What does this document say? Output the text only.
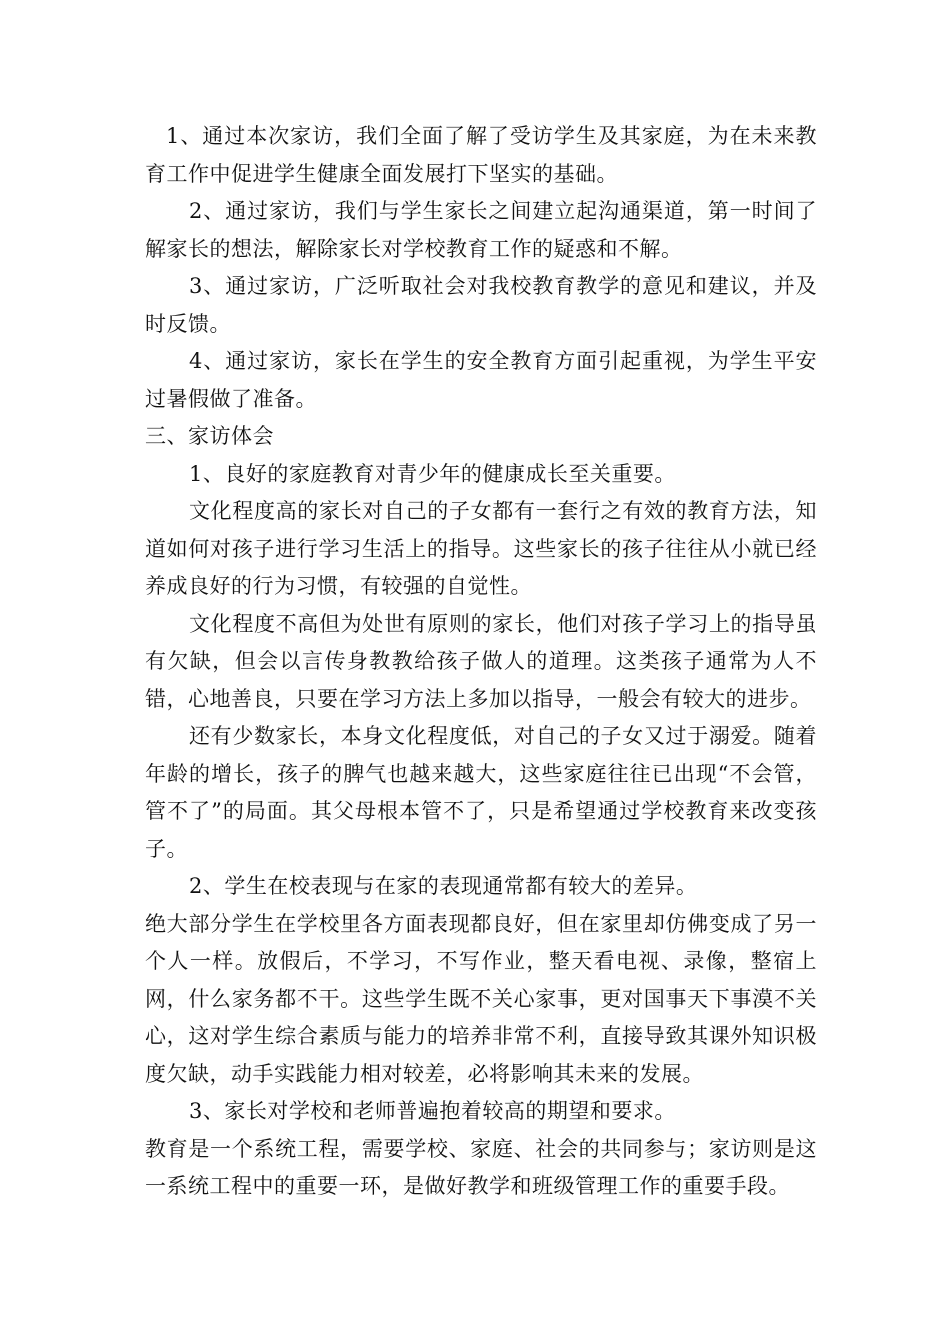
1、通过本次家访，我们全面了解了受访学生及其家庭，为在未来教育工作中促进学生健康全面发展打下坚实的基础。

2、通过家访，我们与学生家长之间建立起沟通渠道，第一时间了解家长的想法，解除家长对学校教育工作的疑惑和不解。

3、通过家访，广泛听取社会对我校教育教学的意见和建议，并及时反馈。

4、通过家访，家长在学生的安全教育方面引起重视，为学生平安过暑假做了准备。

三、家访体会

1、良好的家庭教育对青少年的健康成长至关重要。

文化程度高的家长对自己的子女都有一套行之有效的教育方法，知道如何对孩子进行学习生活上的指导。这些家长的孩子往往从小就已经养成良好的行为习惯，有较强的自觉性。

文化程度不高但为处世有原则的家长，他们对孩子学习上的指导虽有欠缺，但会以言传身教教给孩子做人的道理。这类孩子通常为人不错，心地善良，只要在学习方法上多加以指导，一般会有较大的进步。

还有少数家长，本身文化程度低，对自己的子女又过于溺爱。随着年龄的增长，孩子的脾气也越来越大，这些家庭往往已出现“不会管，管不了”的局面。其父母根本管不了，只是希望通过学校教育来改变孩子。

2、学生在校表现与在家的表现通常都有较大的差异。

绝大部分学生在学校里各方面表现都良好，但在家里却仿佛变成了另一个人一样。放假后，不学习，不写作业，整天看电视、录像，整宿上网，什么家务都不干。这些学生既不关心家事，更对国事天下事漠不关心，这对学生综合素质与能力的培养非常不利，直接导致其课外知识极度欠缺，动手实践能力相对较差，必将影响其未来的发展。

3、家长对学校和老师普遍抱着较高的期望和要求。

教育是一个系统工程，需要学校、家庭、社会的共同参与；家访则是这一系统工程中的重要一环，是做好教学和班级管理工作的重要手段。
